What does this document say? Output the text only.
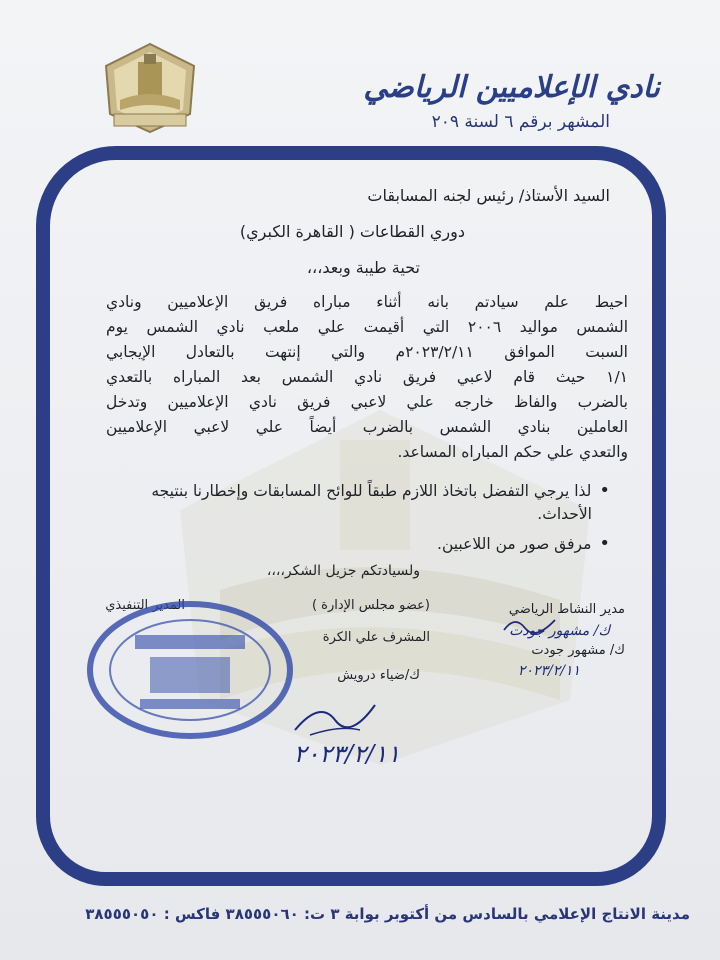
نادي الإعلاميين الرياضي
المشهر برقم ٦ لسنة ٢٠٩
السيد الأستاذ/ رئيس لجنه المسابقات
دوري القطاعات ( القاهرة الكبري)
تحية طيبة وبعد،،،
احيط علم سيادتم بانه أثناء مباراه فريق الإعلاميين ونادي
الشمس مواليد ٢٠٠٦ التي أقيمت علي ملعب نادي الشمس يوم
السبت الموافق ٢٠٢٣/٢/١١م والتي إنتهت بالتعادل الإيجابي
١/١ حيث قام لاعبي فريق نادي الشمس بعد المباراه بالتعدي
بالضرب والفاظ خارجه علي لاعبي فريق نادي الإعلاميين وتدخل
العاملين بنادي الشمس بالضرب أيضاً علي لاعبي الإعلاميين
والتعدي علي حكم المباراه المساعد.
• لذا يرجي التفضل باتخاذ اللازم طبقاً للوائح المسابقات وإخطارنا بنتيجه
الأحداث.
• مرفق صور من اللاعبين.
ولسيادتكم جزيل الشكر،،،،
(عضو مجلس الإدارة )	مدير النشاط الرياضي
ك/ مشهور جودت
ك/ مشهور جودت
٢٠٢٣/٢/١١
المشرف علي الكرة
ك/ضياء درويش
٢٠٢٣/٢/١١
المدير التنفيذي
مدينة الانتاج الإعلامي بالسادس من أكتوبر بوابة ٣ ت: ٣٨٥٥٥٠٦٠ فاكس : ٣٨٥٥٥٠٥٠
